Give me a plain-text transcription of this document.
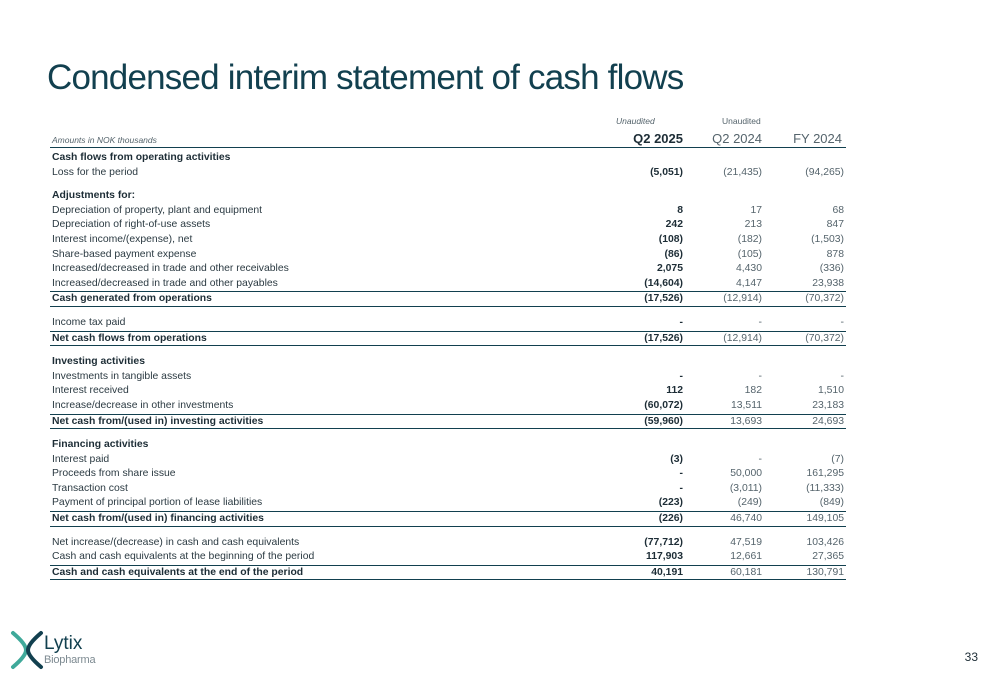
Condensed interim statement of cash flows
Unaudited	Unaudited
Amounts in NOK thousands	Q2 2025 Q2 2024 FY 2024
Cash flows from operating activities
Loss for the period	(5,051)	(21,435)	(94,265)
Adjustments for:
Depreciation of property, plant and equipment	8	17	68
Depreciation of right-of-use assets	242	213	847
Interest income/(expense), net	(108)	(182)	(1,503)
Share-based payment expense	(86)	(105)	878
Increased/decreased in trade and other receivables	2,075	4,430	(336)
Increased/decreased in trade and other payables	(14,604)	4,147	23,938
Cash generated from operations	(17,526)	(12,914)	(70,372)
Income tax paid	-	-	-
Net cash flows from operations	(17,526)	(12,914)	(70,372)
Investing activities
Investments in tangible assets	-	-	-
Interest received	112	182	1,510
Increase/decrease in other investments	(60,072)	13,511	23,183
Net cash from/(used in) investing activities	(59,960)	13,693	24,693
Financing activities
Interest paid	(3)	-	(7)
Proceeds from share issue	-	50,000	161,295
Transaction cost	-	(3,011)	(11,333)
Payment of principal portion of lease liabilities	(223)	(249)	(849)
Net cash from/(used in) financing activities	(226)	46,740	149,105
Net increase/(decrease) in cash and cash equivalents	(77,712)	47,519	103,426
Cash and cash equivalents at the beginning of the period	117,903	12,661	27,365
Cash and cash equivalents at the end of the period	40,191	60,181	130,791
Lytix
Biopharma	33
